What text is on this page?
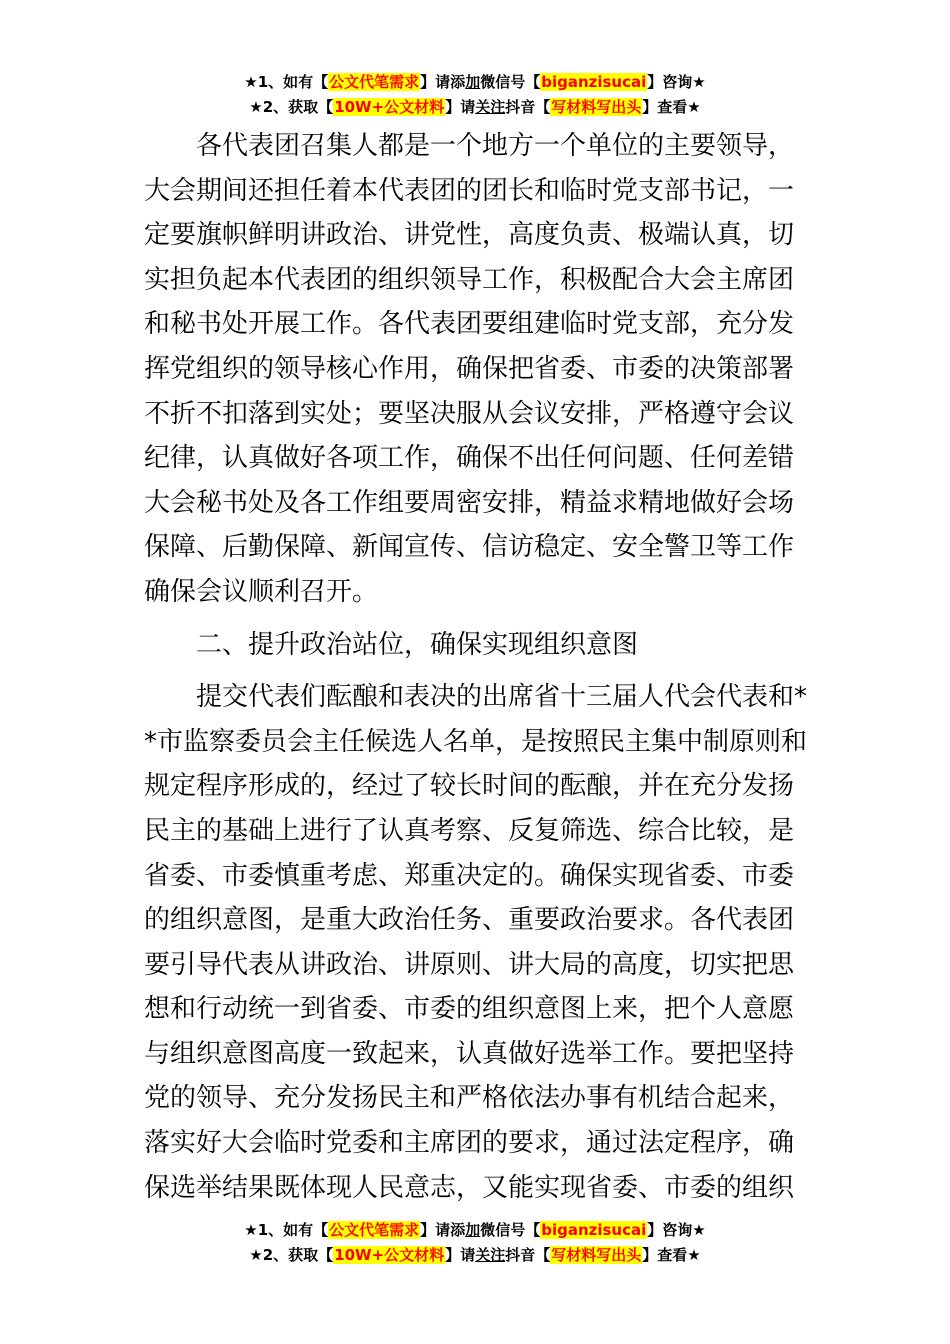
★1、如有【公文代笔需求】请添加微信号【biganzisucai】咨询★
★2、获取【10W+公文材料】请关注抖音【写材料写出头】查看★
各代表团召集人都是一个地方一个单位的主要领导，
大会期间还担任着本代表团的团长和临时党支部书记，一
定要旗帜鲜明讲政治、讲党性，高度负责、极端认真，切
实担负起本代表团的组织领导工作，积极配合大会主席团
和秘书处开展工作。各代表团要组建临时党支部，充分发
挥党组织的领导核心作用，确保把省委、市委的决策部署
不折不扣落到实处；要坚决服从会议安排，严格遵守会议
纪律，认真做好各项工作，确保不出任何问题、任何差错
大会秘书处及各工作组要周密安排，精益求精地做好会场
保障、后勤保障、新闻宣传、信访稳定、安全警卫等工作
确保会议顺利召开。
二、提升政治站位，确保实现组织意图
提交代表们酝酿和表决的出席省十三届人代会代表和*
*市监察委员会主任候选人名单，是按照民主集中制原则和
规定程序形成的，经过了较长时间的酝酿，并在充分发扬
民主的基础上进行了认真考察、反复筛选、综合比较，是
省委、市委慎重考虑、郑重决定的。确保实现省委、市委
的组织意图，是重大政治任务、重要政治要求。各代表团
要引导代表从讲政治、讲原则、讲大局的高度，切实把思
想和行动统一到省委、市委的组织意图上来，把个人意愿
与组织意图高度一致起来，认真做好选举工作。要把坚持
党的领导、充分发扬民主和严格依法办事有机结合起来，
落实好大会临时党委和主席团的要求，通过法定程序，确
保选举结果既体现人民意志，又能实现省委、市委的组织
★1、如有【公文代笔需求】请添加微信号【biganzisucai】咨询★
★2、获取【10W+公文材料】请关注抖音【写材料写出头】查看★
